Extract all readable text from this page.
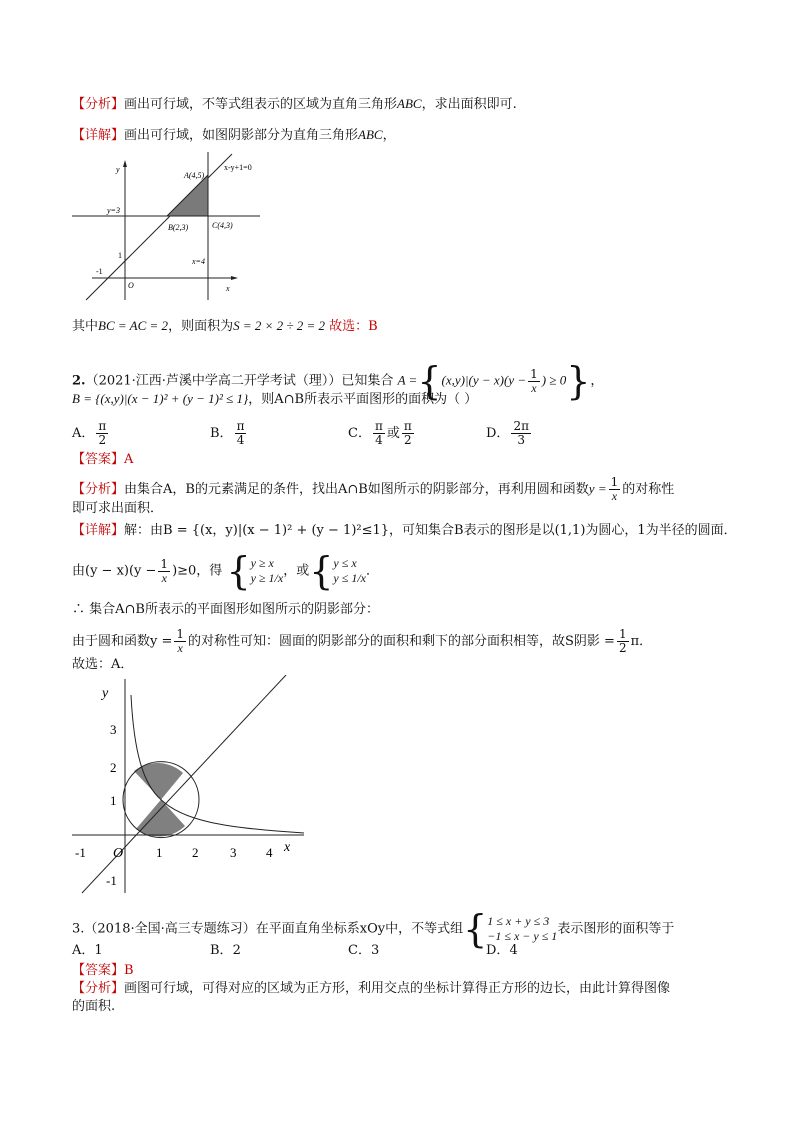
【分析】画出可行域，不等式组表示的区域为直角三角形ABC，求出面积即可.
【详解】画出可行域，如图阴影部分为直角三角形ABC，
x-y+1=0
A(4,5)
B(2,3)	C(4,3)
y=3
x=4
y
x
O
1
-1
其中BC = AC = 2，则面积为S = 2 × 2 ÷ 2 = 2 故选：B
2.（2021·江西·芦溪中学高二开学考试（理））已知集合 $A =\{(x,y)|(y - x)(y - \frac{1}{x}$ ) ≥ 0}，
B = {(x,y)|(x − 1)² + (y − 1)² ≤ 1}，则A∩B所表示平面图形的面积为（ ）
A． $\frac{\pi}{2}$	B． $\frac{\pi}{4}$	C． $\frac{\pi}{4}$ 或 $\frac{\pi}{2}$	D． $\frac{2\pi}{3}$
【答案】A
【分析】由集合A，B的元素满足的条件，找出A∩B如图所示的阴影部分，再利用圆和函数$y = \frac{1}{x}$ 的对称性
即可求出面积．
【详解】解：由B = {(x，y)|(x − 1)² + (y − 1)²≤1}，可知集合B表示的图形是以(1,1)为圆心，1为半径的圆面．
由$(y - x)(y - \frac{1}{x} )\ge 0$，得 { y ≥ x
y ≥ 1/x ，或{ y ≤ x
y ≤ 1/x ．
∴ 集合A∩B所表示的平面图形如图所示的阴影部分：
由于圆和函数$y = \frac{1}{x}$ 的对称性可知：圆面的阴影部分的面积和剩下的部分面积相等，故S阴影 = $\frac{1}{2}$ π．
故选：A．
y
x
O
-1	1 2 3 4
1
2
3
-1
3.（2018·全国·高三专题练习）在平面直角坐标系xOy中，不等式组{ 1 ≤ x + y ≤ 3
−1 ≤ x − y ≤ 1 表示图形的面积等于
A．1	B．2	C．3	D．4
【答案】B
【分析】画图可行域，可得对应的区域为正方形，利用交点的坐标计算得正方形的边长，由此计算得图像
的面积.
